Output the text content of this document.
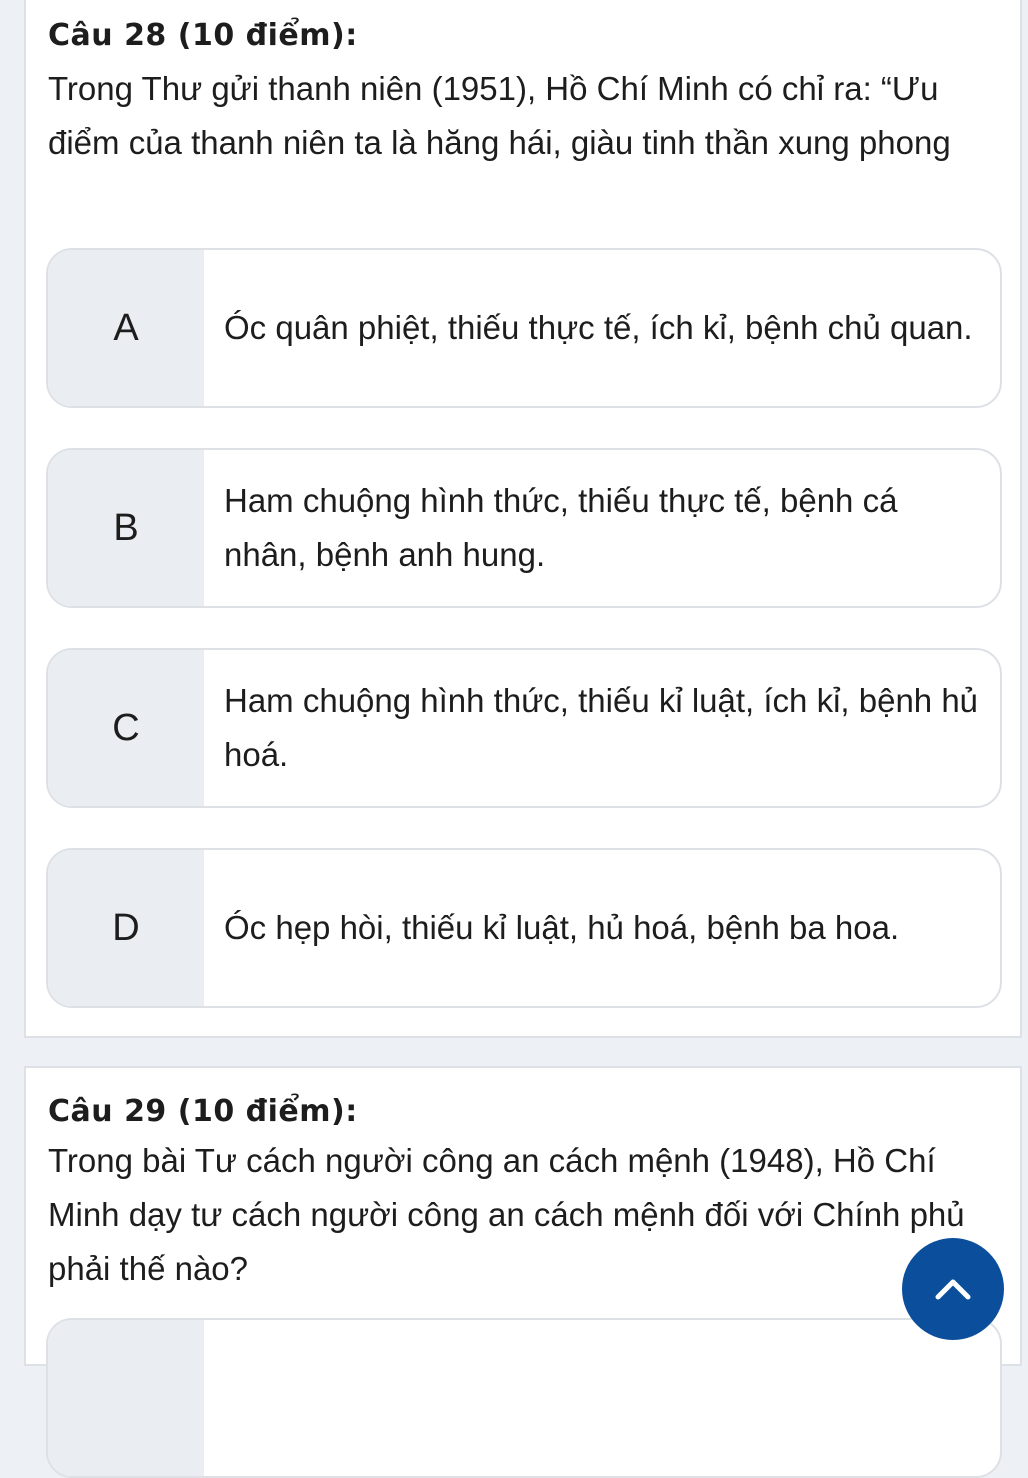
Câu 28 (10 điểm):
Trong Thư gửi thanh niên (1951), Hồ Chí Minh có chỉ ra: “Ưu điểm của thanh niên ta là hăng hái, giàu tinh thần xung phong
A	Óc quân phiệt, thiếu thực tế, ích kỉ, bệnh chủ quan.
B
Ham chuộng hình thức, thiếu thực tế, bệnh cá nhân, bệnh anh hung.
C
Ham chuộng hình thức, thiếu kỉ luật, ích kỉ, bệnh hủ hoá.
D	Óc hẹp hòi, thiếu kỉ luật, hủ hoá, bệnh ba hoa.
Câu 29 (10 điểm):
Trong bài Tư cách người công an cách mệnh (1948), Hồ Chí Minh dạy tư cách người công an cách mệnh đối với Chính phủ phải thế nào?
